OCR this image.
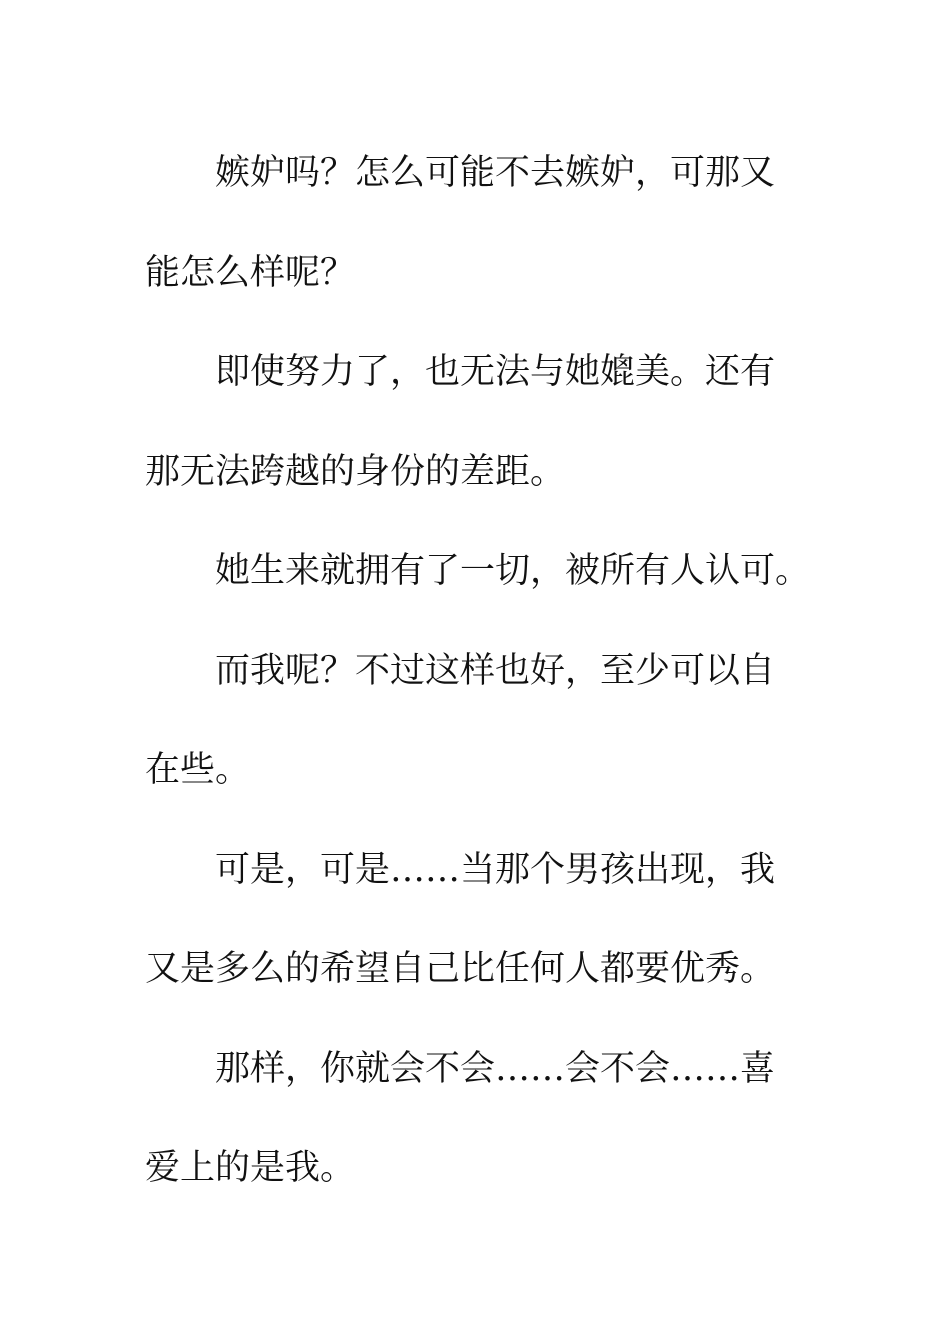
嫉妒吗？怎么可能不去嫉妒，可那又
能怎么样呢？
即使努力了，也无法与她媲美。还有
那无法跨越的身份的差距。
她生来就拥有了一切，被所有人认可。
而我呢？不过这样也好，至少可以自
在些。
可是，可是……当那个男孩出现，我
又是多么的希望自己比任何人都要优秀。
那样，你就会不会……会不会……喜
爱上的是我。
